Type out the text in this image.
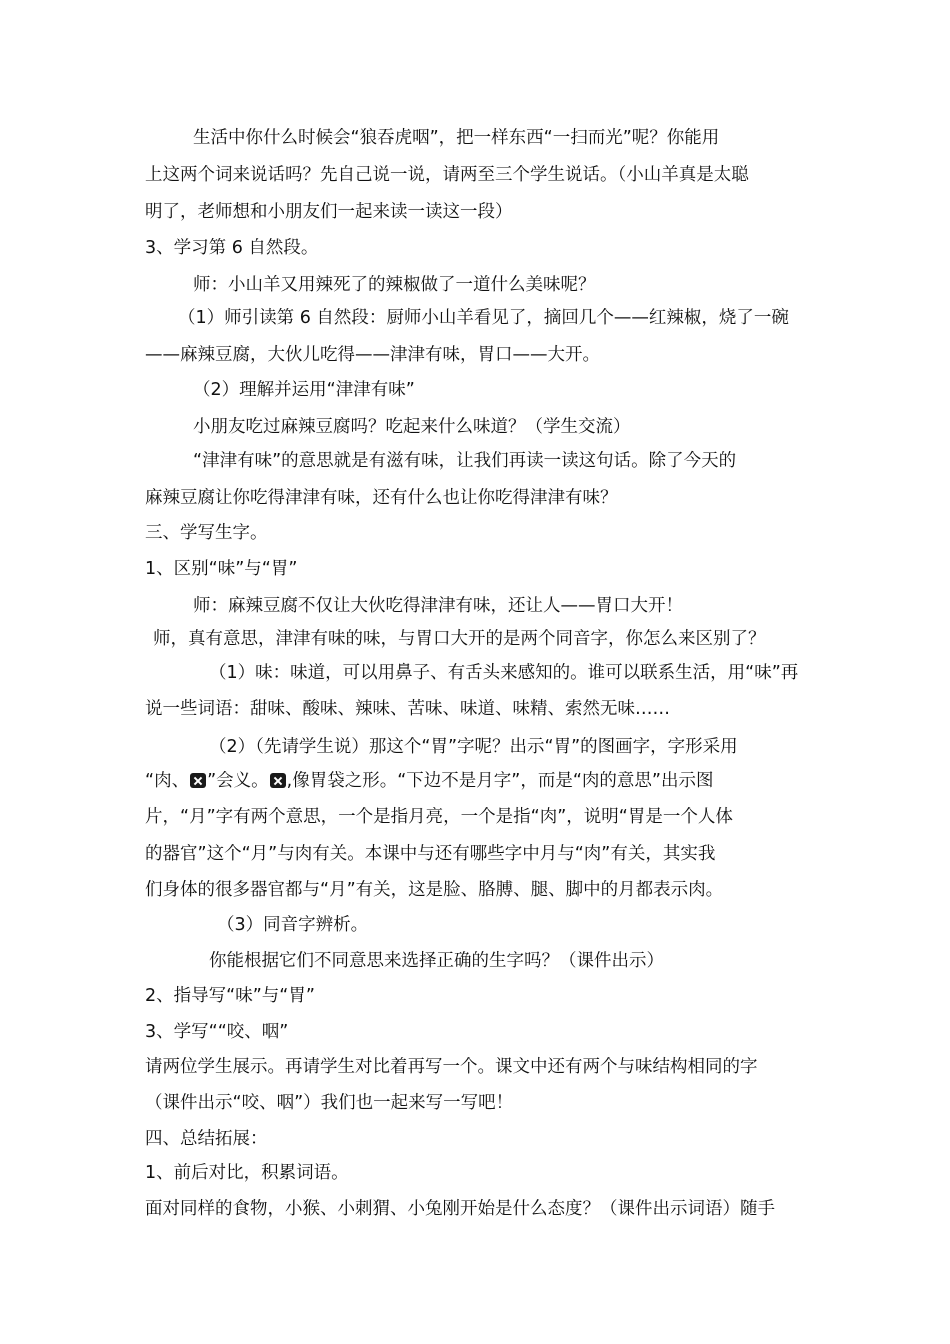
生活中你什么时候会“狼吞虎咽”，把一样东西“一扫而光”呢？你能用
上这两个词来说话吗？先自己说一说，请两至三个学生说话。（小山羊真是太聪
明了，老师想和小朋友们一起来读一读这一段）
3、学习第 6 自然段。
师：小山羊又用辣死了的辣椒做了一道什么美味呢？
（1）师引读第 6 自然段：厨师小山羊看见了，摘回几个——红辣椒，烧了一碗
——麻辣豆腐，大伙儿吃得——津津有味，胃口——大开。
（2）理解并运用“津津有味”
小朋友吃过麻辣豆腐吗？吃起来什么味道？（学生交流）
“津津有味”的意思就是有滋有味，让我们再读一读这句话。除了今天的
麻辣豆腐让你吃得津津有味，还有什么也让你吃得津津有味？
三、学写生字。
1、区别“味”与“胃”
师：麻辣豆腐不仅让大伙吃得津津有味，还让人——胃口大开！
师，真有意思，津津有味的味，与胃口大开的是两个同音字，你怎么来区别了？
（1）味：味道，可以用鼻子、有舌头来感知的。谁可以联系生活，用“味”再
说一些词语：甜味、酸味、辣味、苦味、味道、味精、索然无味……
（2）（先请学生说）那这个“胃”字呢？出示“胃”的图画字，字形采用
“肉、 ”会义。 ,像胃袋之形。“下边不是月字”，而是“肉的意思”出示图
片，“月”字有两个意思，一个是指月亮，一个是指“肉”，说明“胃是一个人体
的器官”这个“月”与肉有关。本课中与还有哪些字中月与“肉”有关，其实我
们身体的很多器官都与“月”有关，这是脸、胳膊、腿、脚中的月都表示肉。
（3）同音字辨析。
你能根据它们不同意思来选择正确的生字吗？（课件出示）
2、指导写“味”与“胃”
3、学写““咬、咽”
请两位学生展示。再请学生对比着再写一个。课文中还有两个与味结构相同的字
（课件出示“咬、咽”）我们也一起来写一写吧！
四、总结拓展：
1、前后对比，积累词语。
面对同样的食物，小猴、小刺猬、小兔刚开始是什么态度？（课件出示词语）随手
